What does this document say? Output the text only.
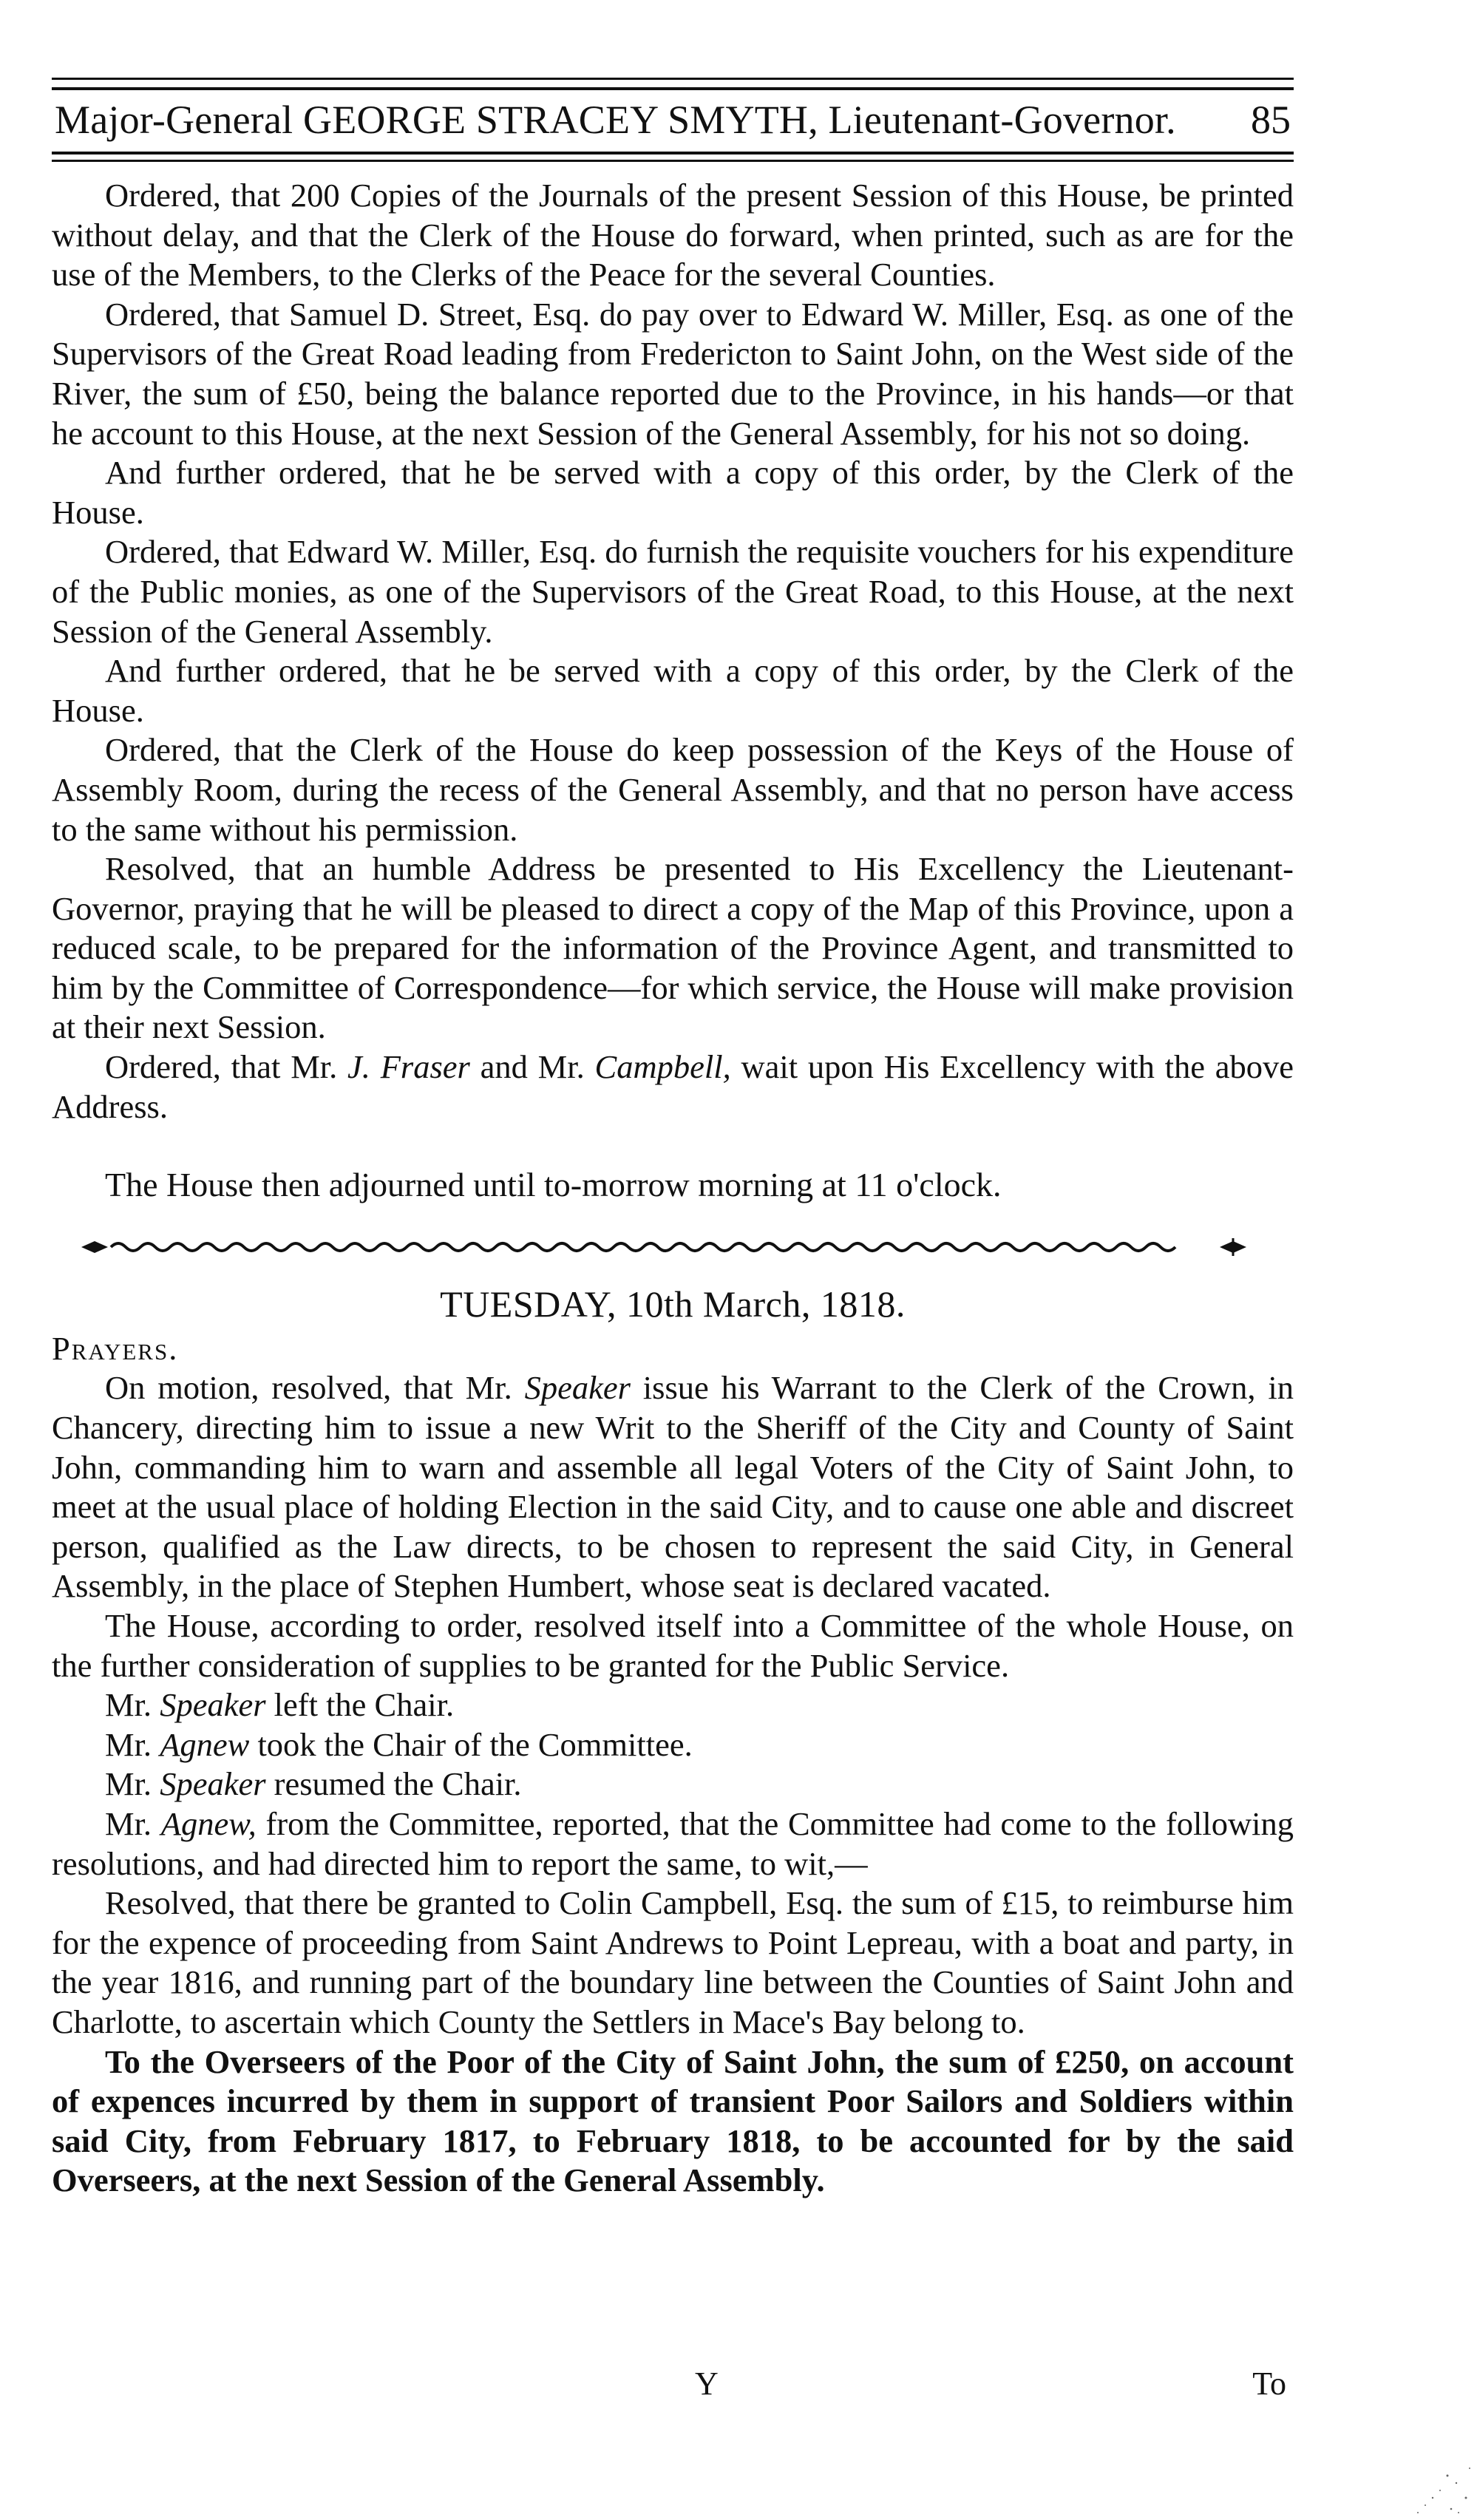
Major-General GEORGE STRACEY SMYTH, Lieutenant-Governor. 85

Ordered, that 200 Copies of the Journals of the present Session of this House, be printed without delay, and that the Clerk of the House do forward, when printed, such as are for the use of the Members, to the Clerks of the Peace for the several Counties.

Ordered, that Samuel D. Street, Esq. do pay over to Edward W. Miller, Esq. as one of the Supervisors of the Great Road leading from Fredericton to Saint John, on the West side of the River, the sum of £50, being the balance reported due to the Province, in his hands—or that he account to this House, at the next Session of the General Assembly, for his not so doing.

And further ordered, that he be served with a copy of this order, by the Clerk of the House.

Ordered, that Edward W. Miller, Esq. do furnish the requisite vouchers for his expenditure of the Public monies, as one of the Supervisors of the Great Road, to this House, at the next Session of the General Assembly.

And further ordered, that he be served with a copy of this order, by the Clerk of the House.

Ordered, that the Clerk of the House do keep possession of the Keys of the House of Assembly Room, during the recess of the General Assembly, and that no person have access to the same without his permission.

Resolved, that an humble Address be presented to His Excellency the Lieutenant-Governor, praying that he will be pleased to direct a copy of the Map of this Province, upon a reduced scale, to be prepared for the information of the Province Agent, and transmitted to him by the Committee of Correspondence—for which service, the House will make provision at their next Session.

Ordered, that Mr. J. Fraser and Mr. Campbell, wait upon His Excellency with the above Address.

The House then adjourned until to-morrow morning at 11 o'clock.

TUESDAY, 10th March, 1818.

Prayers.

On motion, resolved, that Mr. Speaker issue his Warrant to the Clerk of the Crown, in Chancery, directing him to issue a new Writ to the Sheriff of the City and County of Saint John, commanding him to warn and assemble all legal Voters of the City of Saint John, to meet at the usual place of holding Election in the said City, and to cause one able and discreet person, qualified as the Law directs, to be chosen to represent the said City, in General Assembly, in the place of Stephen Humbert, whose seat is declared vacated.

The House, according to order, resolved itself into a Committee of the whole House, on the further consideration of supplies to be granted for the Public Service.

Mr. Speaker left the Chair.

Mr. Agnew took the Chair of the Committee.

Mr. Speaker resumed the Chair.

Mr. Agnew, from the Committee, reported, that the Committee had come to the following resolutions, and had directed him to report the same, to wit,—

Resolved, that there be granted to Colin Campbell, Esq. the sum of £15, to reimburse him for the expence of proceeding from Saint Andrews to Point Lepreau, with a boat and party, in the year 1816, and running part of the boundary line between the Counties of Saint John and Charlotte, to ascertain which County the Settlers in Mace's Bay belong to.

To the Overseers of the Poor of the City of Saint John, the sum of £250, on account of expences incurred by them in support of transient Poor Sailors and Soldiers within said City, from February 1817, to February 1818, to be accounted for by the said Overseers, at the next Session of the General Assembly.

Y	To
